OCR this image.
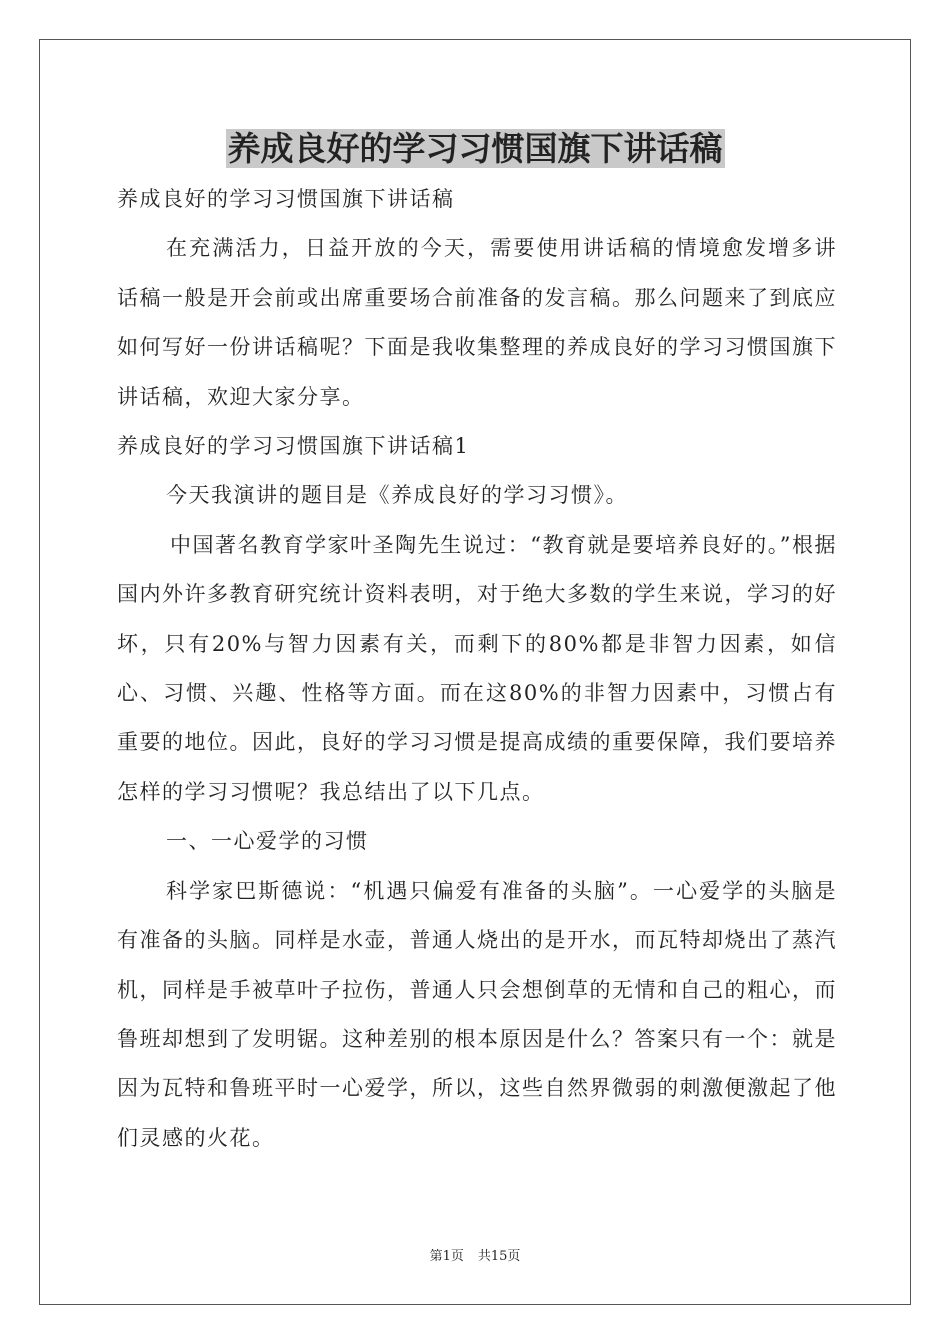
养成良好的学习习惯国旗下讲话稿

养成良好的学习习惯国旗下讲话稿

在充满活力，日益开放的今天，需要使用讲话稿的情境愈发增多讲话稿一般是开会前或出席重要场合前准备的发言稿。那么问题来了到底应如何写好一份讲话稿呢？下面是我收集整理的养成良好的学习习惯国旗下讲话稿，欢迎大家分享。

养成良好的学习习惯国旗下讲话稿1

今天我演讲的题目是《养成良好的学习习惯》。

中国著名教育学家叶圣陶先生说过：“教育就是要培养良好的。”根据国内外许多教育研究统计资料表明，对于绝大多数的学生来说，学习的好坏，只有20%与智力因素有关，而剩下的80%都是非智力因素，如信心、习惯、兴趣、性格等方面。而在这80%的非智力因素中，习惯占有重要的地位。因此，良好的学习习惯是提高成绩的重要保障，我们要培养怎样的学习习惯呢？我总结出了以下几点。

一、一心爱学的习惯

科学家巴斯德说：“机遇只偏爱有准备的头脑”。一心爱学的头脑是有准备的头脑。同样是水壶，普通人烧出的是开水，而瓦特却烧出了蒸汽机，同样是手被草叶子拉伤，普通人只会想倒草的无情和自己的粗心，而鲁班却想到了发明锯。这种差别的根本原因是什么？答案只有一个：就是因为瓦特和鲁班平时一心爱学，所以，这些自然界微弱的刺激便激起了他们灵感的火花。

第1页 共15页
